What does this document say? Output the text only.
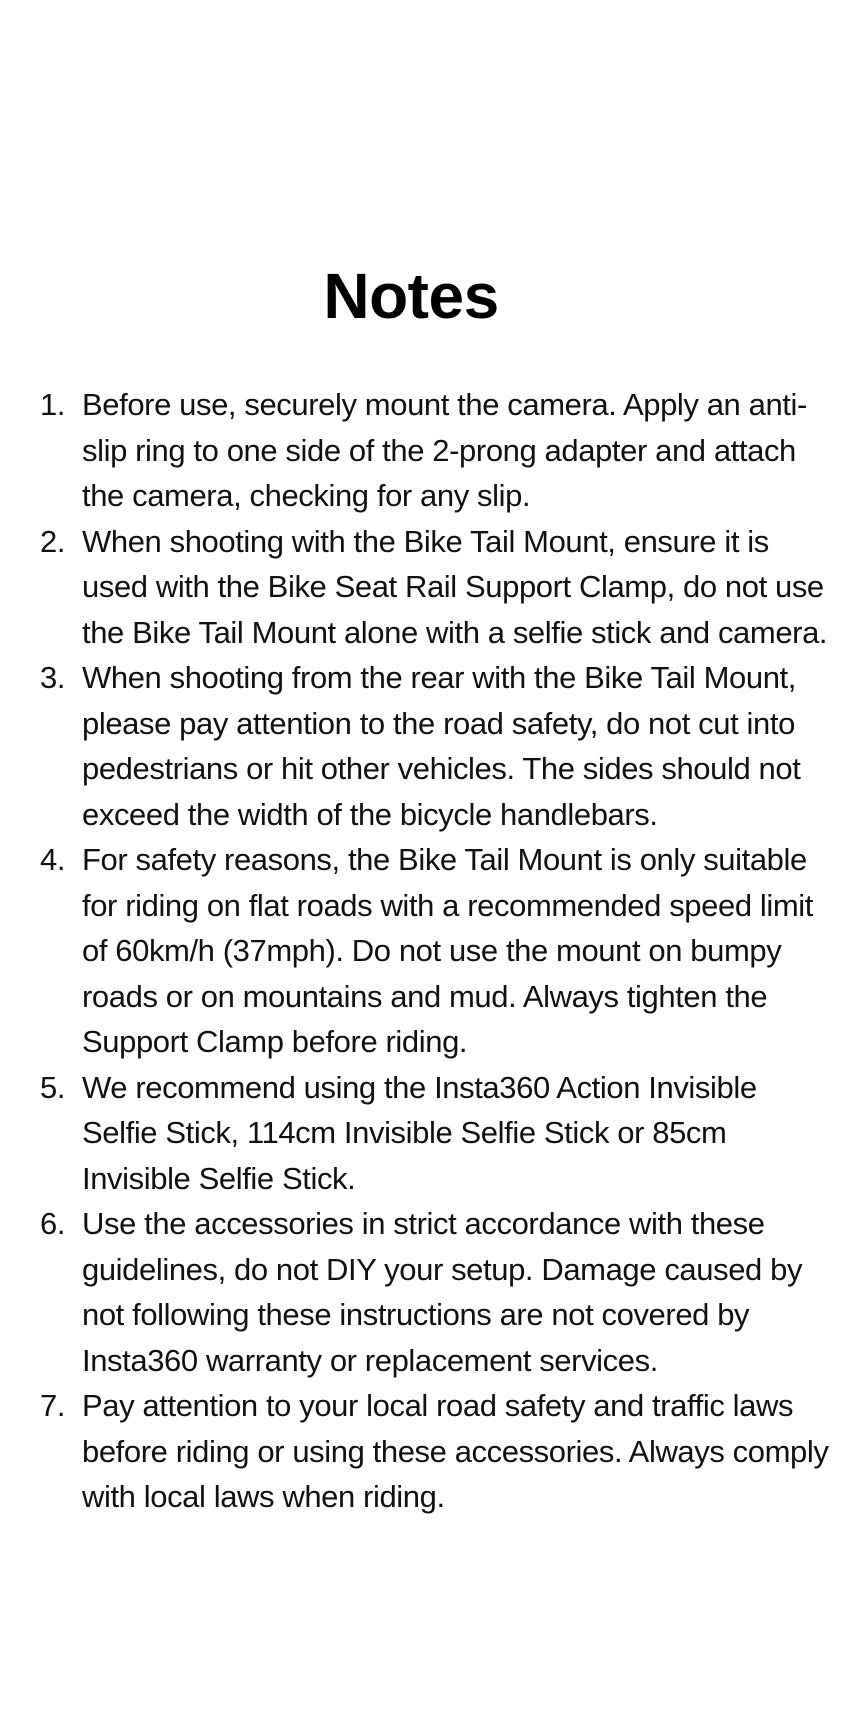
Notes
1. Before use, securely mount the camera. Apply an anti-slip ring to one side of the 2-prong adapter and attach the camera, checking for any slip.
2. When shooting with the Bike Tail Mount, ensure it is used with the Bike Seat Rail Support Clamp, do not use the Bike Tail Mount alone with a selfie stick and camera.
3. When shooting from the rear with the Bike Tail Mount, please pay attention to the road safety, do not cut into pedestrians or hit other vehicles. The sides should not exceed the width of the bicycle handlebars.
4. For safety reasons, the Bike Tail Mount is only suitable for riding on flat roads with a recommended speed limit of 60km/h (37mph). Do not use the mount on bumpy roads or on mountains and mud. Always tighten the Support Clamp before riding.
5. We recommend using the Insta360 Action Invisible Selfie Stick, 114cm Invisible Selfie Stick or 85cm Invisible Selfie Stick.
6. Use the accessories in strict accordance with these guidelines, do not DIY your setup. Damage caused by not following these instructions are not covered by Insta360 warranty or replacement services.
7. Pay attention to your local road safety and traffic laws before riding or using these accessories. Always comply with local laws when riding.
